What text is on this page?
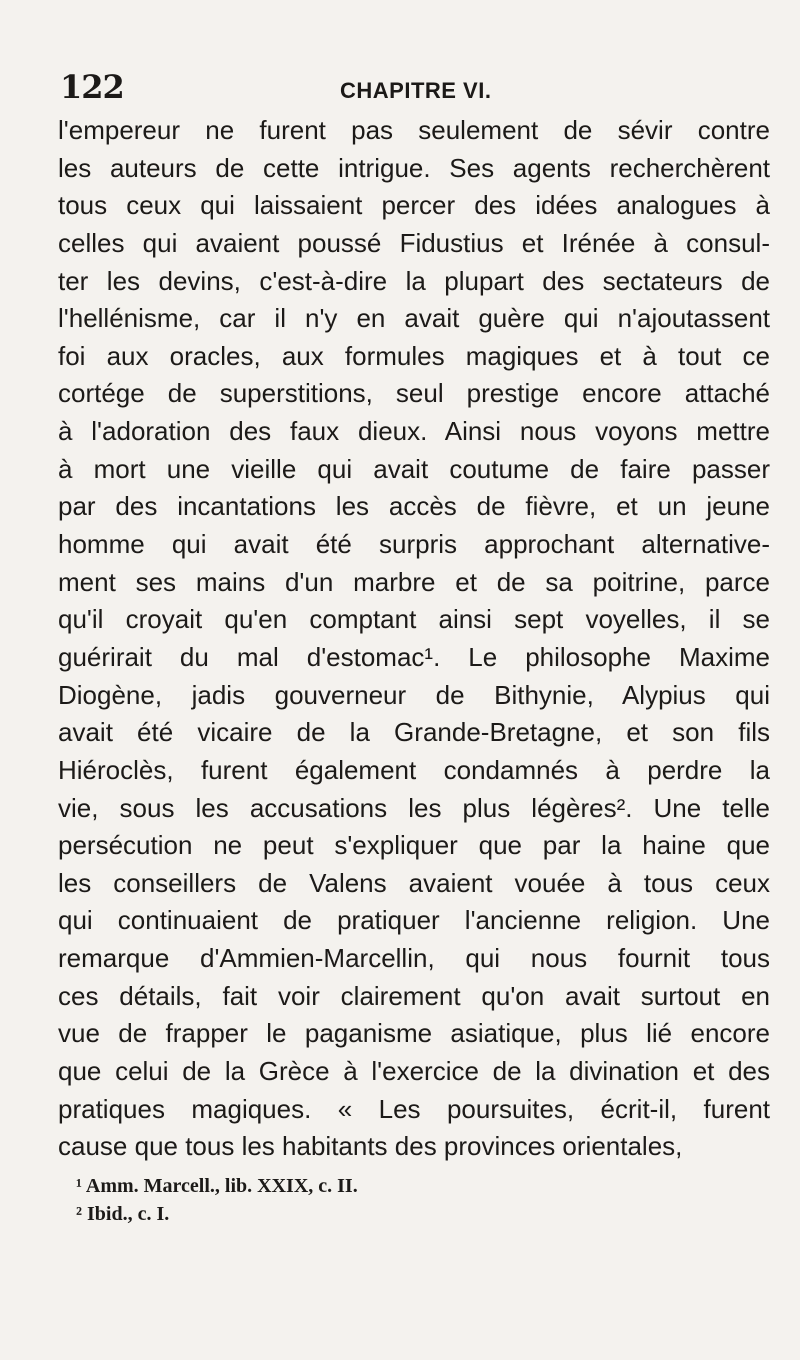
122	CHAPITRE VI.
l'empereur ne furent pas seulement de sévir contre
les auteurs de cette intrigue. Ses agents recherchèrent
tous ceux qui laissaient percer des idées analogues à
celles qui avaient poussé Fidustius et Irénée à consul-
ter les devins, c'est-à-dire la plupart des sectateurs de
l'hellénisme, car il n'y en avait guère qui n'ajoutassent
foi aux oracles, aux formules magiques et à tout ce
cortége de superstitions, seul prestige encore attaché
à l'adoration des faux dieux. Ainsi nous voyons mettre
à mort une vieille qui avait coutume de faire passer
par des incantations les accès de fièvre, et un jeune
homme qui avait été surpris approchant alternative-
ment ses mains d'un marbre et de sa poitrine, parce
qu'il croyait qu'en comptant ainsi sept voyelles, il se
guérirait du mal d'estomac¹. Le philosophe Maxime
Diogène, jadis gouverneur de Bithynie, Alypius qui
avait été vicaire de la Grande-Bretagne, et son fils
Hiéroclès, furent également condamnés à perdre la
vie, sous les accusations les plus légères². Une telle
persécution ne peut s'expliquer que par la haine que
les conseillers de Valens avaient vouée à tous ceux
qui continuaient de pratiquer l'ancienne religion. Une
remarque d'Ammien-Marcellin, qui nous fournit tous
ces détails, fait voir clairement qu'on avait surtout en
vue de frapper le paganisme asiatique, plus lié encore
que celui de la Grèce à l'exercice de la divination et des
pratiques magiques. « Les poursuites, écrit-il, furent
cause que tous les habitants des provinces orientales,
¹ Amm. Marcell., lib. XXIX, c. II.
² Ibid., c. I.
